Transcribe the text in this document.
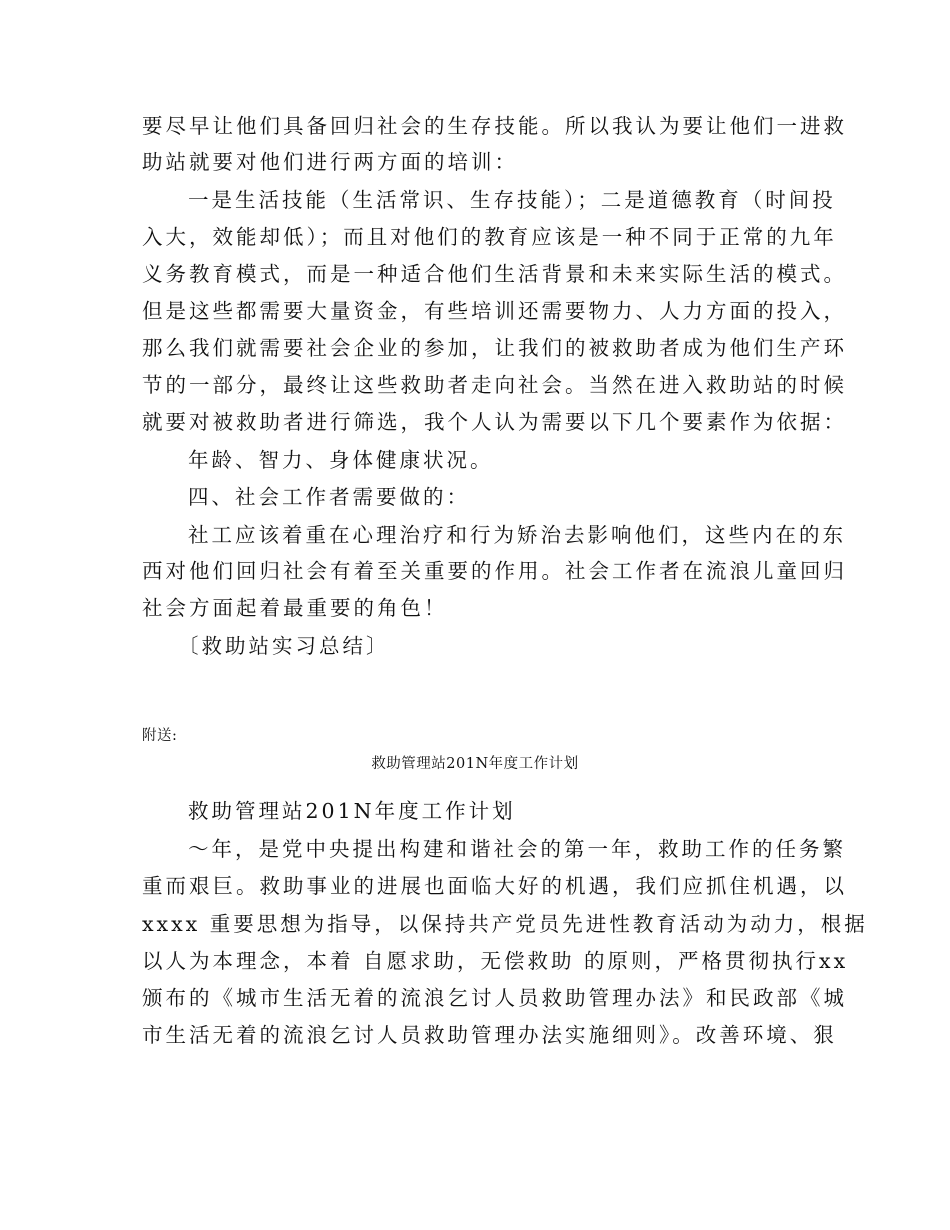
要尽早让他们具备回归社会的生存技能。所以我认为要让他们一进救
助站就要对他们进行两方面的培训：
一是生活技能（生活常识、生存技能）；二是道德教育（时间投
入大，效能却低）；而且对他们的教育应该是一种不同于正常的九年
义务教育模式，而是一种适合他们生活背景和未来实际生活的模式。
但是这些都需要大量资金，有些培训还需要物力、人力方面的投入，
那么我们就需要社会企业的参加，让我们的被救助者成为他们生产环
节的一部分，最终让这些救助者走向社会。当然在进入救助站的时候
就要对被救助者进行筛选，我个人认为需要以下几个要素作为依据：
年龄、智力、身体健康状况。
四、社会工作者需要做的：
社工应该着重在心理治疗和行为矫治去影响他们，这些内在的东
西对他们回归社会有着至关重要的作用。社会工作者在流浪儿童回归
社会方面起着最重要的角色！
〔救助站实习总结〕
附送:
救助管理站201N年度工作计划
救助管理站201N年度工作计划
～年，是党中央提出构建和谐社会的第一年，救助工作的任务繁
重而艰巨。救助事业的进展也面临大好的机遇，我们应抓住机遇，以
xxxx 重要思想为指导，以保持共产党员先进性教育活动为动力，根据
以人为本理念，本着 自愿求助，无偿救助 的原则，严格贯彻执行xx
颁布的《城市生活无着的流浪乞讨人员救助管理办法》和民政部《城
市生活无着的流浪乞讨人员救助管理办法实施细则》。改善环境、狠
